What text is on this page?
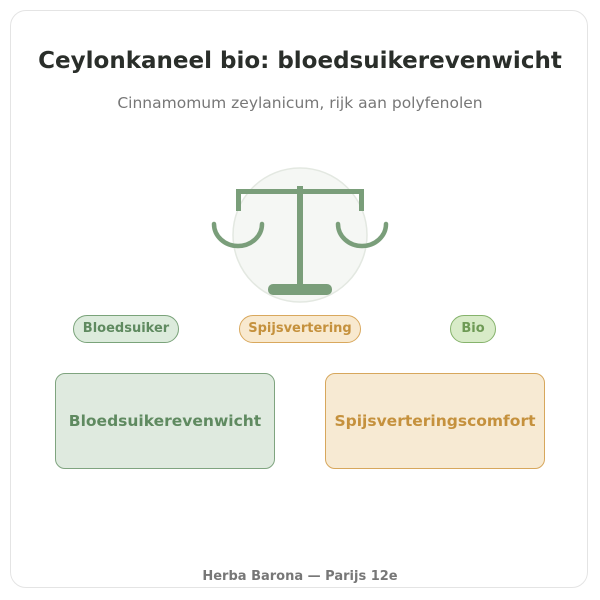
Ceylonkaneel bio: bloedsuikerevenwicht

Cinnamomum zeylanicum, rijk aan polyfenolen

Bloedsuiker	Spijsvertering	Bio
Bloedsuikerevenwicht	Spijsverteringscomfort
Herba Barona — Parijs 12e
